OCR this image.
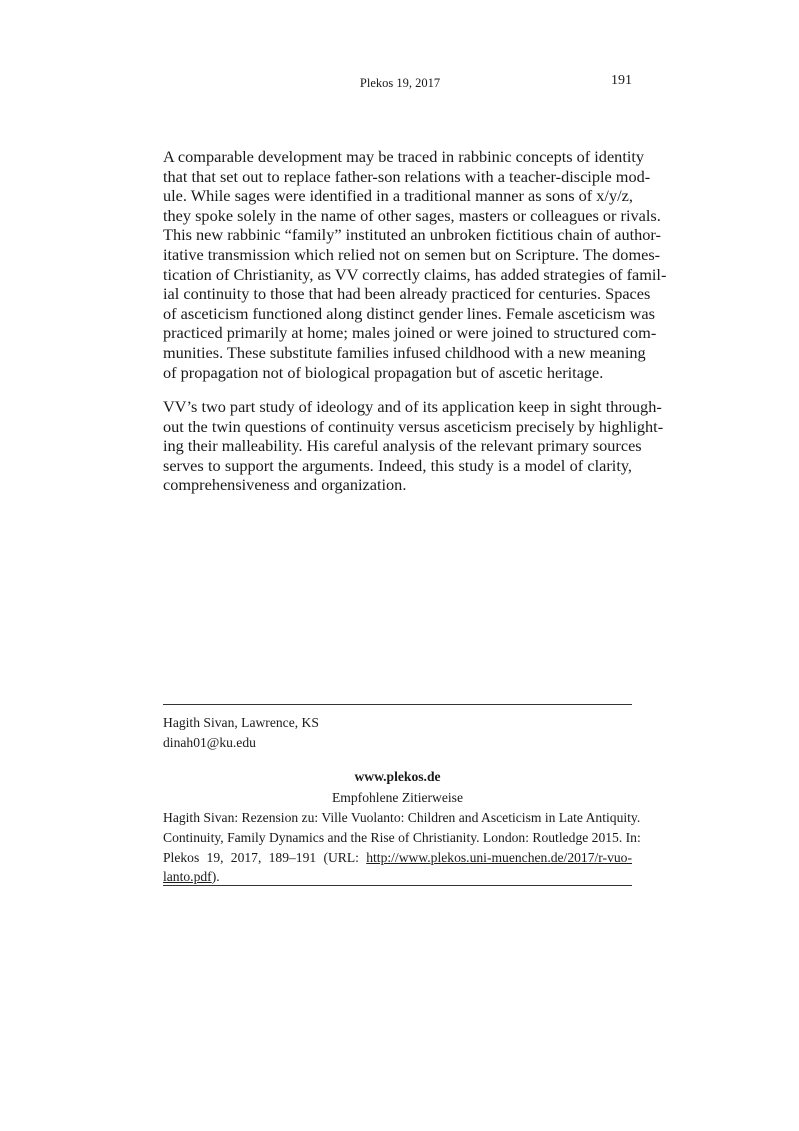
Plekos 19, 2017	191
A comparable development may be traced in rabbinic concepts of identity
that that set out to replace father-son relations with a teacher-disciple mod-
ule. While sages were identified in a traditional manner as sons of x/y/z,
they spoke solely in the name of other sages, masters or colleagues or rivals.
This new rabbinic “family” instituted an unbroken fictitious chain of author-
itative transmission which relied not on semen but on Scripture. The domes-
tication of Christianity, as VV correctly claims, has added strategies of famil-
ial continuity to those that had been already practiced for centuries. Spaces
of asceticism functioned along distinct gender lines. Female asceticism was
practiced primarily at home; males joined or were joined to structured com-
munities. These substitute families infused childhood with a new meaning
of propagation not of biological propagation but of ascetic heritage.
VV’s two part study of ideology and of its application keep in sight through-
out the twin questions of continuity versus asceticism precisely by highlight-
ing their malleability. His careful analysis of the relevant primary sources
serves to support the arguments. Indeed, this study is a model of clarity,
comprehensiveness and organization.
Hagith Sivan, Lawrence, KS
dinah01@ku.edu
www.plekos.de
Empfohlene Zitierweise
Hagith Sivan: Rezension zu: Ville Vuolanto: Children and Asceticism in Late Antiquity.
Continuity, Family Dynamics and the Rise of Christianity. London: Routledge 2015. In:
Plekos 19, 2017, 189–191 (URL: http://www.plekos.uni-muenchen.de/2017/r-vuo-
lanto.pdf).
